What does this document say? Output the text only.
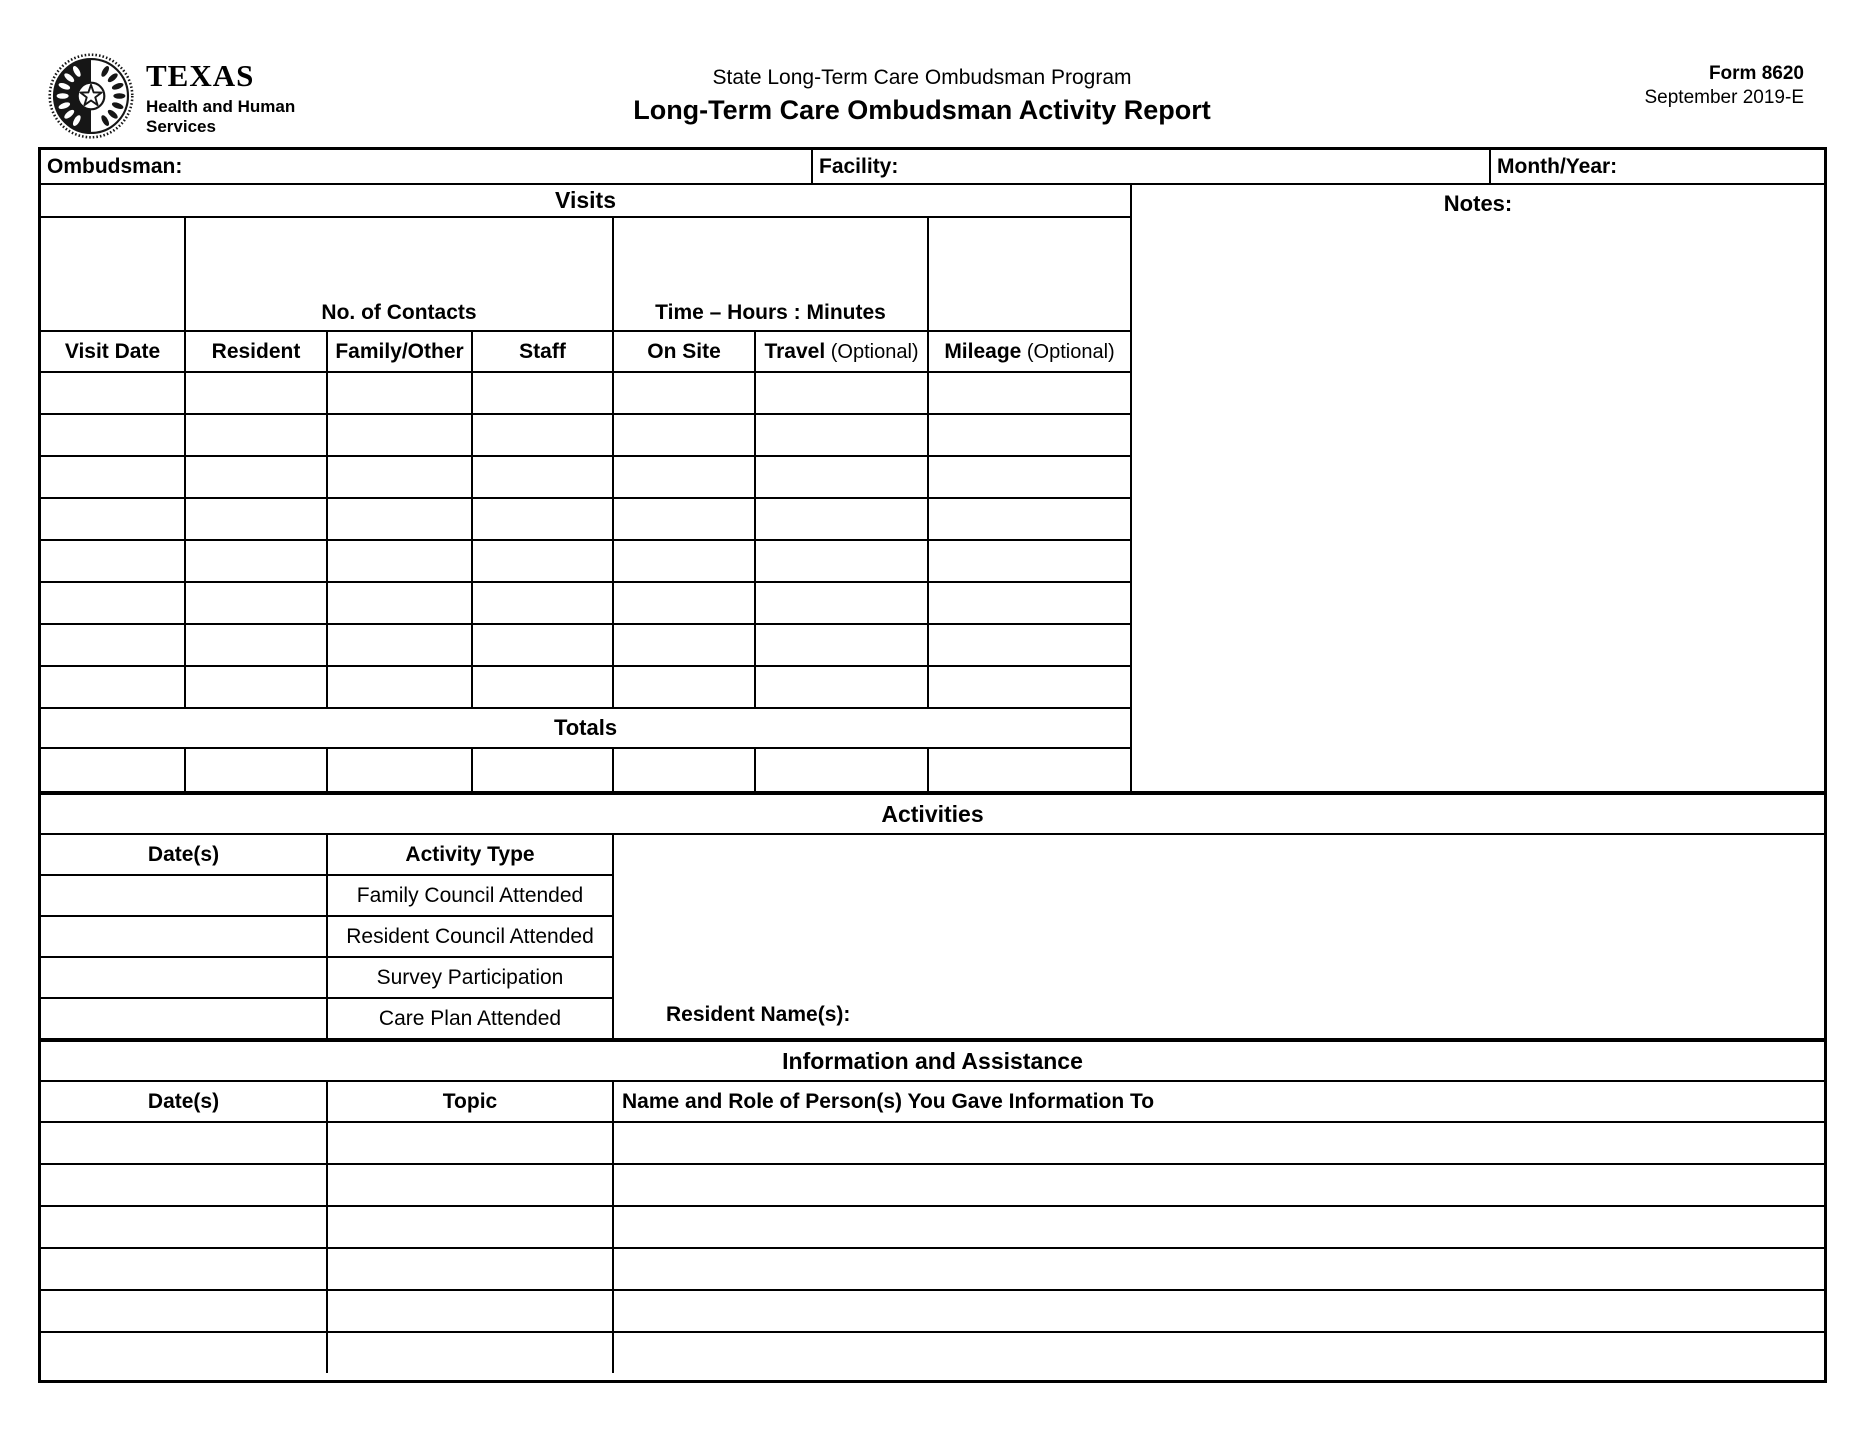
TEXAS
Health and Human
Services
State Long-Term Care Ombudsman Program
Long-Term Care Ombudsman Activity Report
Form 8620
September 2019-E
Ombudsman:	Facility:	Month/Year:
Visits						
	No. of Contacts			Time – Hours : Minutes		
Visit Date	Resident	Family/Other	Staff	On Site	Travel (Optional)	Mileage (Optional)

Totals						

Notes:
Activities		
Date(s)	Activity Type	Resident Name(s):
	Family Council Attended	
	Resident Council Attended	
	Survey Participation	
	Care Plan Attended	
Information and Assistance		
Date(s)	Topic	Name and Role of Person(s) You Gave Information To
